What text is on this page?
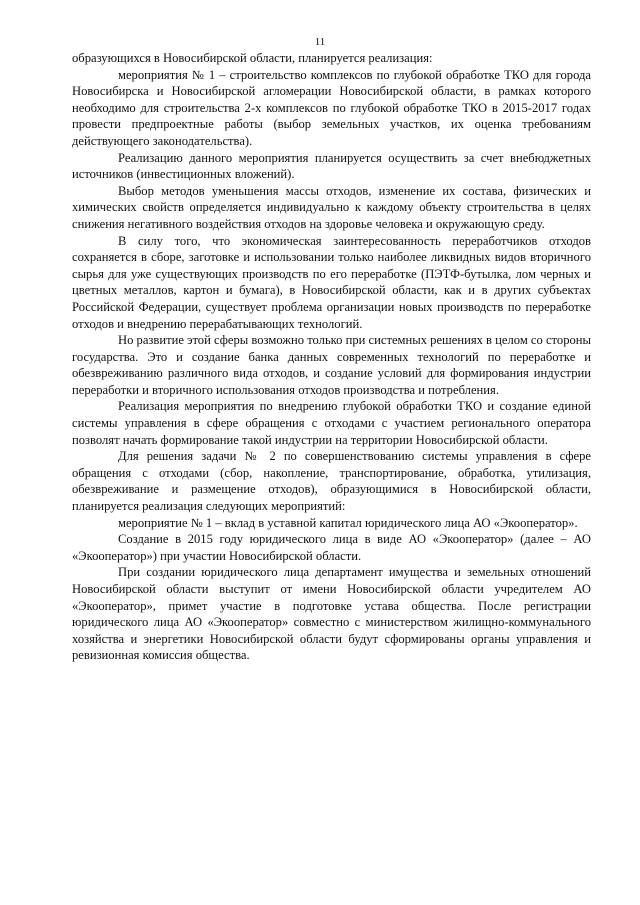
11

образующихся в Новосибирской области, планируется реализация:

мероприятия № 1 – строительство комплексов по глубокой обработке ТКО для города Новосибирска и Новосибирской агломерации Новосибирской области, в рамках которого необходимо для строительства 2-х комплексов по глубокой обработке ТКО в 2015-2017 годах провести предпроектные работы (выбор земельных участков, их оценка требованиям действующего законодательства).

Реализацию данного мероприятия планируется осуществить за счет внебюджетных источников (инвестиционных вложений).

Выбор методов уменьшения массы отходов, изменение их состава, физических и химических свойств определяется индивидуально к каждому объекту строительства в целях снижения негативного воздействия отходов на здоровье человека и окружающую среду.

В силу того, что экономическая заинтересованность переработчиков отходов сохраняется в сборе, заготовке и использовании только наиболее ликвидных видов вторичного сырья для уже существующих производств по его переработке (ПЭТФ-бутылка, лом черных и цветных металлов, картон и бумага), в Новосибирской области, как и в других субъектах Российской Федерации, существует проблема организации новых производств по переработке отходов и внедрению перерабатывающих технологий.

Но развитие этой сферы возможно только при системных решениях в целом со стороны государства. Это и создание банка данных современных технологий по переработке и обезвреживанию различного вида отходов, и создание условий для формирования индустрии переработки и вторичного использования отходов производства и потребления.

Реализация мероприятия по внедрению глубокой обработки ТКО и создание единой системы управления в сфере обращения с отходами с участием регионального оператора позволят начать формирование такой индустрии на территории Новосибирской области.

Для решения задачи № 2 по совершенствованию системы управления в сфере обращения с отходами (сбор, накопление, транспортирование, обработка, утилизация, обезвреживание и размещение отходов), образующимися в Новосибирской области, планируется реализация следующих мероприятий:

мероприятие № 1 – вклад в уставной капитал юридического лица АО «Экооператор».

Создание в 2015 году юридического лица в виде АО «Экооператор» (далее – АО «Экооператор») при участии Новосибирской области.

При создании юридического лица департамент имущества и земельных отношений Новосибирской области выступит от имени Новосибирской области учредителем АО «Экооператор», примет участие в подготовке устава общества. После регистрации юридического лица АО «Экооператор» совместно с министерством жилищно-коммунального хозяйства и энергетики Новосибирской области будут сформированы органы управления и ревизионная комиссия общества.
